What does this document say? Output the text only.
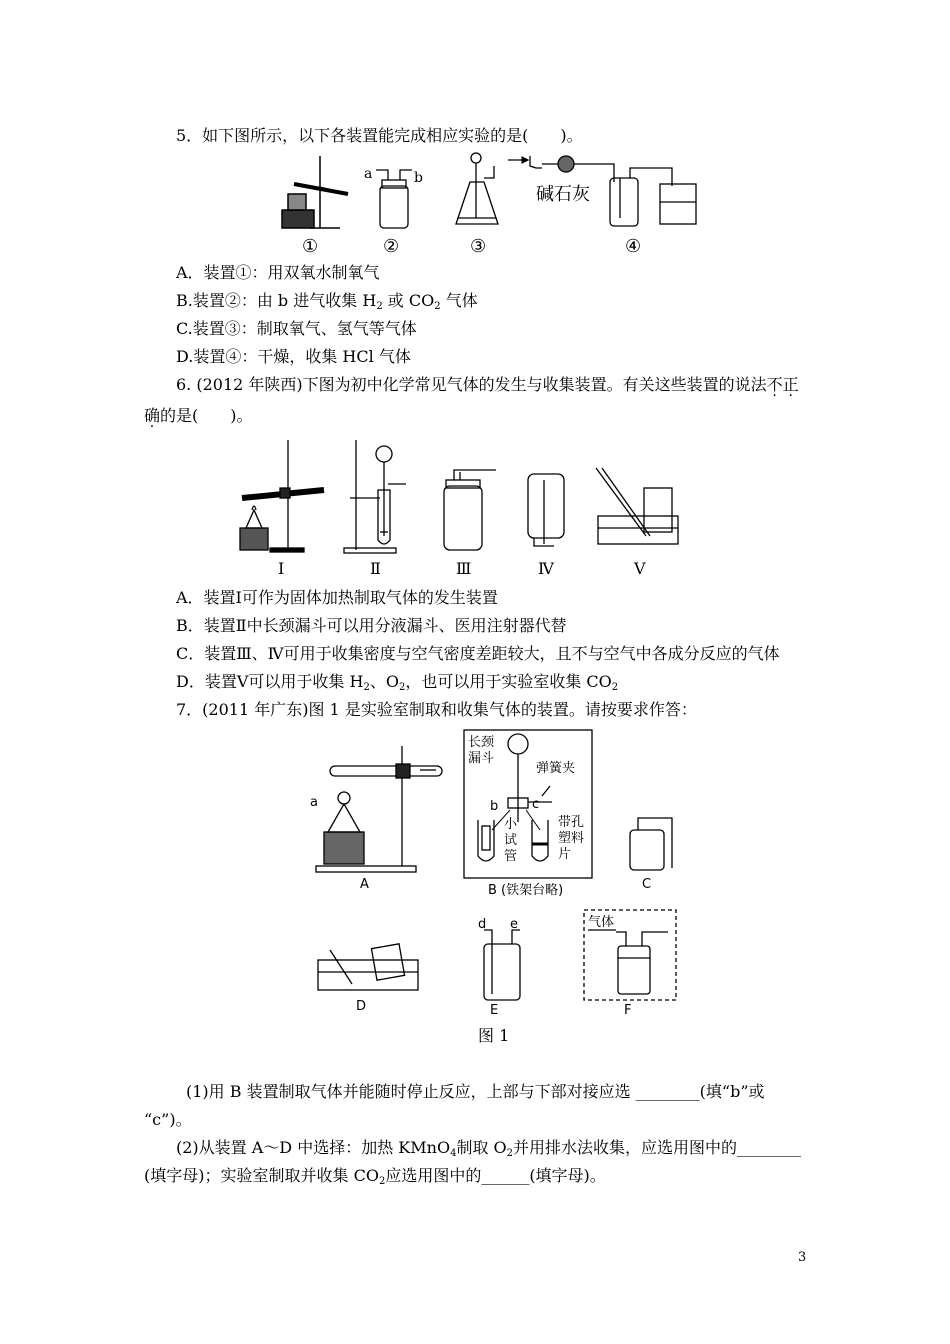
5．如下图所示，以下各装置能完成相应实验的是(　　)。
a	b
碱石灰
①	②	③	④
A．装置①：用双氧水制氧气
B.装置②：由 b 进气收集 $H_2$ 或 $CO_2$ 气体
C.装置③：制取氧气、氢气等气体
D.装置④：干燥，收集 HCl 气体
6. (2012 年陕西)下图为初中化学常见气体的发生与收集装置。有关这些装置的说法不正
确的是(　　)。
Ⅰ	Ⅱ	Ⅲ	Ⅳ	Ⅴ
A．装置Ⅰ可作为固体加热制取气体的发生装置
B．装置Ⅱ中长颈漏斗可以用分液漏斗、医用注射器代替
C．装置Ⅲ、Ⅳ可用于收集密度与空气密度差距较大，且不与空气中各成分反应的气体
D．装置Ⅴ可以用于收集 $H_2$、$O_2$，也可以用于实验室收集 $CO_2$
7．(2011 年广东)图 1 是实验室制取和收集气体的装置。请按要求作答：
a
A
长颈
漏斗
弹簧夹
b	c
小
试
管
带孔
塑料
片
B (铁架台略)	C
d e	气体
D	E	F
图 1
(1)用 B 装置制取气体并能随时停止反应，上部与下部对接应选 ________(填“b”或
“c”)。
(2)从装置 A～D 中选择：加热 KMnO$_4$制取 $O_2$并用排水法收集，应选用图中的________
(填字母)；实验室制取并收集 $CO_2$应选用图中的______(填字母)。
3
